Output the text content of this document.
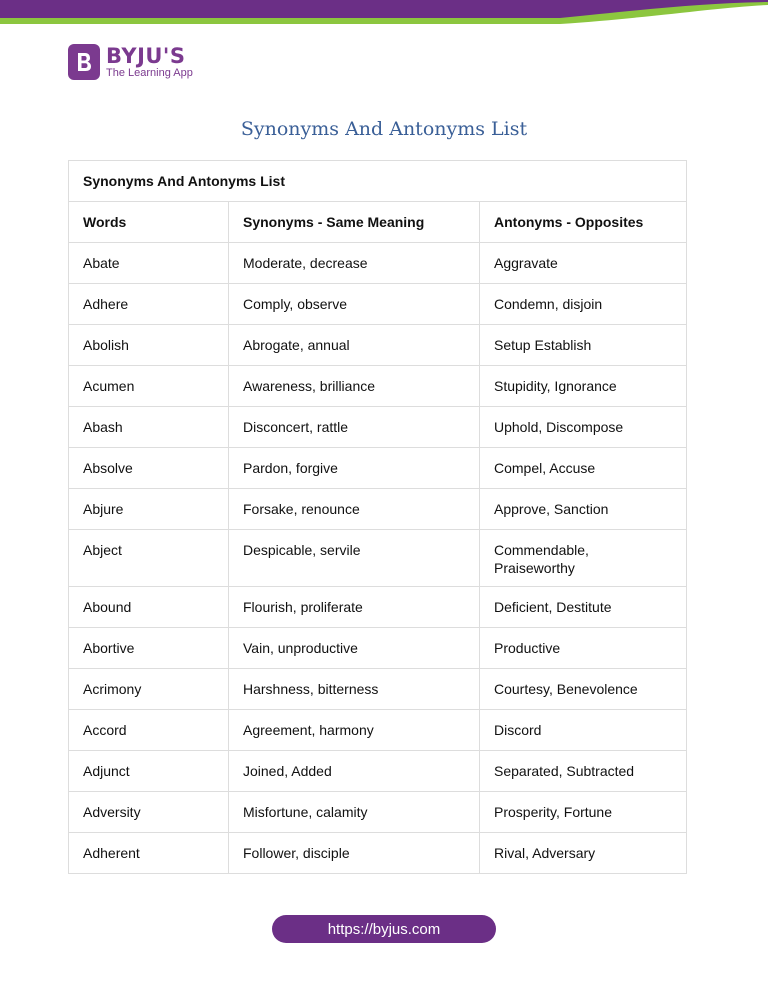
BYJU'S
The Learning App
Synonyms And Antonyms List
Synonyms And Antonyms List		
Words	Synonyms - Same Meaning	Antonyms - Opposites
Abate	Moderate, decrease	Aggravate
Adhere	Comply, observe	Condemn, disjoin
Abolish	Abrogate, annual	Setup Establish
Acumen	Awareness, brilliance	Stupidity, Ignorance
Abash	Disconcert, rattle	Uphold, Discompose
Absolve	Pardon, forgive	Compel, Accuse
Abjure	Forsake, renounce	Approve, Sanction
Abject	Despicable, servile	Commendable, Praiseworthy
Abound	Flourish, proliferate	Deficient, Destitute
Abortive	Vain, unproductive	Productive
Acrimony	Harshness, bitterness	Courtesy, Benevolence
Accord	Agreement, harmony	Discord
Adjunct	Joined, Added	Separated, Subtracted
Adversity	Misfortune, calamity	Prosperity, Fortune
Adherent	Follower, disciple	Rival, Adversary
https://byjus.com
